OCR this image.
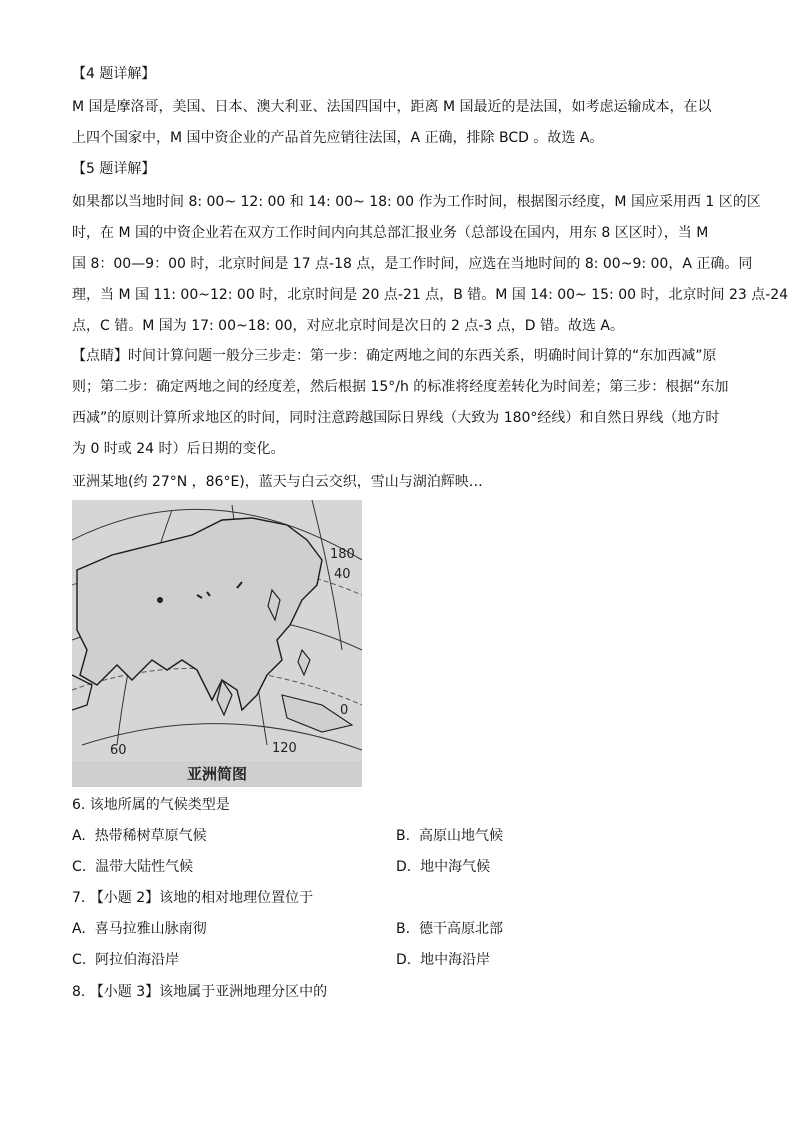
【4 题详解】
M 国是摩洛哥，美国、日本、澳大利亚、法国四国中，距离 M 国最近的是法国，如考虑运输成本，在以
上四个国家中，M 国中资企业的产品首先应销往法国，A 正确，排除 BCD 。故选 A。
【5 题详解】
如果都以当地时间 8: 00~ 12: 00 和 14: 00~ 18: 00 作为工作时间，根据图示经度，M 国应采用西 1 区的区
时，在 M 国的中资企业若在双方工作时间内向其总部汇报业务（总部设在国内，用东 8 区区时），当 M
国 8：00—9：00 时，北京时间是 17 点-18 点，是工作时间，应选在当地时间的 8: 00~9: 00，A 正确。同
理，当 M 国 11: 00~12: 00 时，北京时间是 20 点-21 点，B 错。M 国 14: 00~ 15: 00 时，北京时间 23 点-24
点，C 错。M 国为 17: 00~18: 00，对应北京时间是次日的 2 点-3 点，D 错。故选 A。
【点睛】时间计算问题一般分三步走：第一步：确定两地之间的东西关系，明确时间计算的“东加西减”原
则；第二步：确定两地之间的经度差，然后根据 15°/h 的标准将经度差转化为时间差；第三步：根据“东加
西减”的原则计算所求地区的时间，同时注意跨越国际日界线（大致为 180°经线）和自然日界线（地方时
为 0 时或 24 时）后日期的变化。
亚洲某地(约 27°N ，86°E)，蓝天与白云交织，雪山与湖泊辉映…
180
40
0
120
60
亚洲简图
6. 该地所属的气候类型是
A. 热带稀树草原气候	B. 高原山地气候
C. 温带大陆性气候	D. 地中海气候
7. 【小题 2】该地的相对地理位置位于
A. 喜马拉雅山脉南彻	B. 德干高原北部
C. 阿拉伯海沿岸	D. 地中海沿岸
8. 【小题 3】该地属于亚洲地理分区中的
